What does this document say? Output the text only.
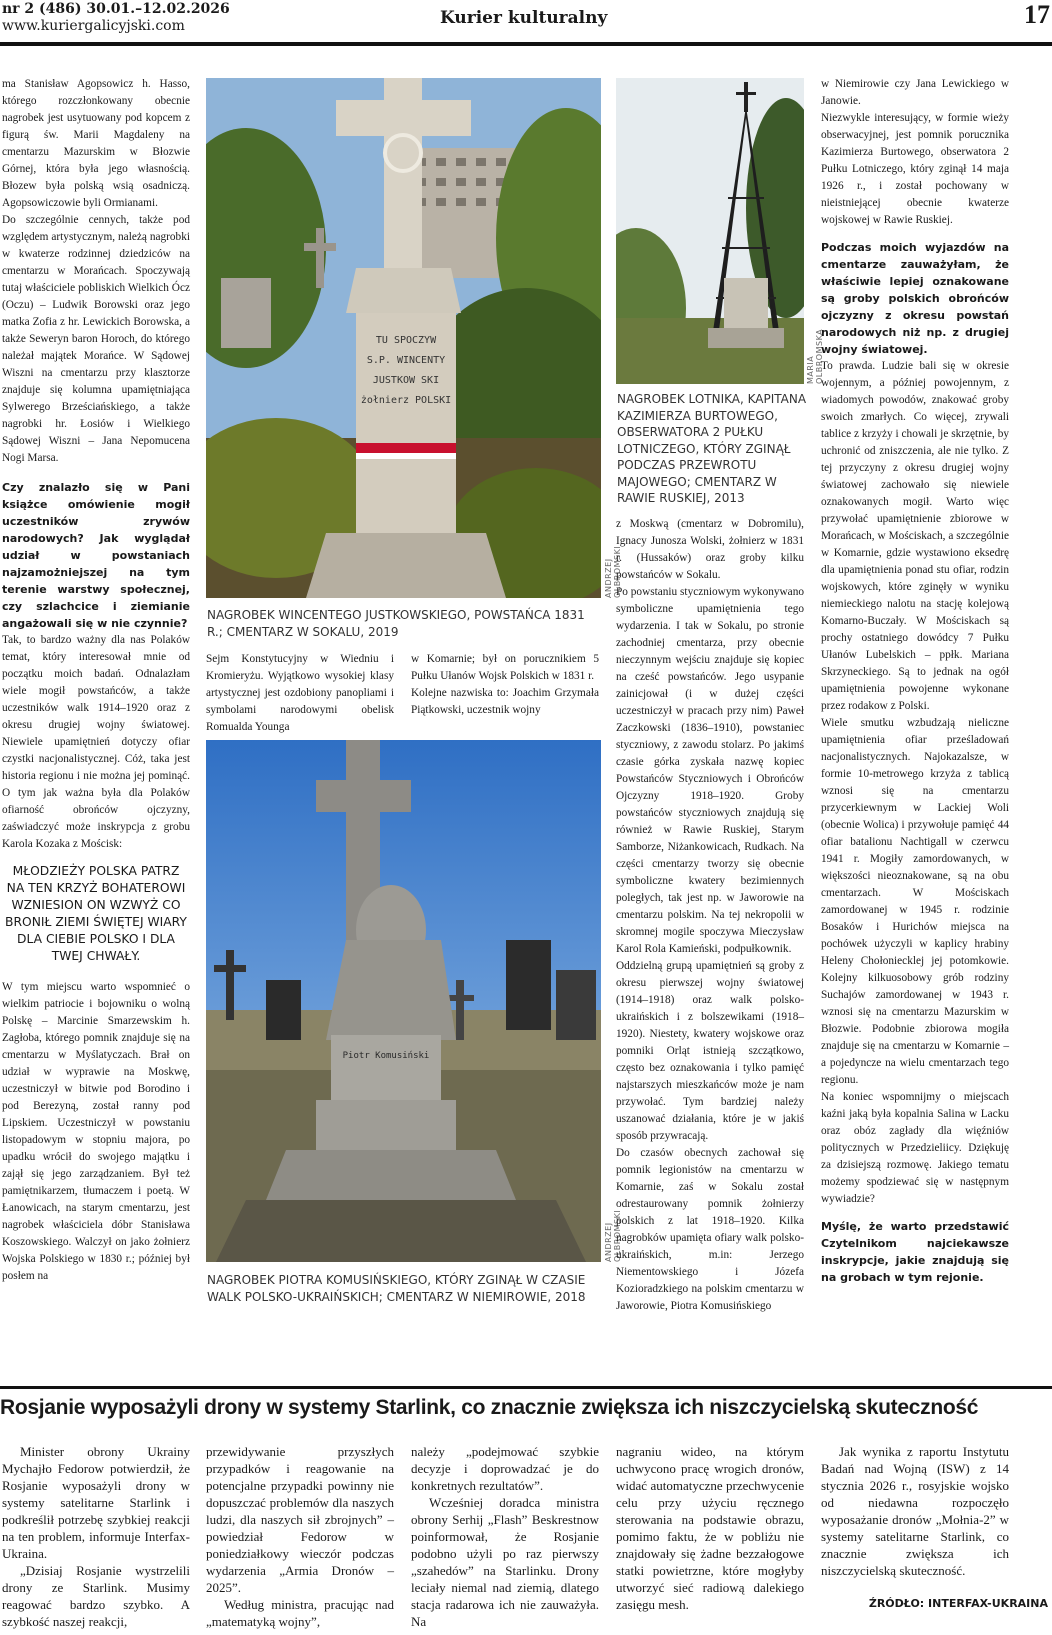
nr 2 (486) 30.01.–12.02.2026
www.kuriergalicyjski.com	Kurier kulturalny	17

ma Stanisław Agopsowicz h. Hasso, którego rozczłonkowany obecnie nagrobek jest usytuowany pod kopcem z figurą św. Marii Magdaleny na cmentarzu Mazurskim w Błozwie Górnej, która była jego własnością. Błozew była polską wsią osadniczą. Agopsowiczowie byli Ormianami.

Do szczególnie cennych, także pod względem artystycznym, należą nagrobki w kwaterze rodzinnej dziedziców na cmentarzu w Morańcach. Spoczywają tutaj właściciele pobliskich Wielkich Ócz (Oczu) – Ludwik Borowski oraz jego matka Zofia z hr. Lewickich Borowska, a także Seweryn baron Horoch, do którego należał majątek Morańce. W Sądowej Wiszni na cmentarzu przy klasztorze znajduje się kolumna upamiętniająca Sylwerego Brześciańskiego, a także nagrobki hr. Łosiów i Wielkiego Sądowej Wiszni – Jana Nepomucena Nogi Marsa.

Czy znalazło się w Pani książce omówienie mogił uczestników zrywów narodowych? Jak wyglądał udział w powstaniach najzamożniejszej na tym terenie warstwy społecznej, czy szlachcice i ziemianie angażowali się w nie czynnie?

Tak, to bardzo ważny dla nas Polaków temat, który interesował mnie od początku moich badań. Odnalazłam wiele mogił powstańców, a także uczestników walk 1914–1920 oraz z okresu drugiej wojny światowej. Niewiele upamiętnień dotyczy ofiar czystki nacjonalistycznej. Cóż, taka jest historia regionu i nie można jej pominąć. O tym jak ważna była dla Polaków ofiarność obrońców ojczyzny, zaświadczyć może inskrypcja z grobu Karola Kozaka z Mościsk:

MŁODZIEŻY POLSKA PATRZ NA TEN KRZYŻ BOHATEROWI WZNIESION ON WZWYŻ CO BRONIŁ ZIEMI ŚWIĘTEJ WIARY DLA CIEBIE POLSKO I DLA TWEJ CHWAŁY.

W tym miejscu warto wspomnieć o wielkim patriocie i bojowniku o wolną Polskę – Marcinie Smarzewskim h. Zagłoba, którego pomnik znajduje się na cmentarzu w Myślatyczach. Brał on udział w wyprawie na Moskwę, uczestniczył w bitwie pod Borodino i pod Berezyną, został ranny pod Lipskiem. Uczestniczył w powstaniu listopadowym w stopniu majora, po upadku wrócił do swojego majątku i zajął się jego zarządzaniem. Był też pamiętnikarzem, tłumaczem i poetą. W Łanowicach, na starym cmentarzu, jest nagrobek właściciela dóbr Stanisława Koszowskiego. Walczył on jako żołnierz Wojska Polskiego w 1830 r.; później był posłem na

TU SPOCZYW
S.P. WINCENTY
JUSTKOW SKI
żołnierz POLSKI
ANDRZEJ OLBROMSKI
NAGROBEK WINCENTEGO JUSTKOWSKIEGO, POWSTAŃCA 1831 R.; CMENTARZ W SOKALU, 2019

Sejm Konstytucyjny w Wiedniu i Kromieryżu. Wyjątkowo wysokiej klasy artystycznej jest ozdobiony panopliami i symbolami narodowymi obelisk Romualda Younga

w Komarnie; był on porucznikiem 5 Pułku Ułanów Wojsk Polskich w 1831 r.

Kolejne nazwiska to: Joachim Grzymała Piątkowski, uczestnik wojny

Piotr Komusiński
ANDRZEJ OLBROMSKI
NAGROBEK PIOTRA KOMUSIŃSKIEGO, KTÓRY ZGINĄŁ W CZASIE WALK POLSKO-UKRAIŃSKICH; CMENTARZ W NIEMIROWIE, 2018
MARIA OLBROMSKA
NAGROBEK LOTNIKA, KAPITANA KAZIMIERZA BURTOWEGO, OBSERWATORA 2 PUŁKU LOTNICZEGO, KTÓRY ZGINĄŁ PODCZAS PRZEWROTU MAJOWEGO; CMENTARZ W RAWIE RUSKIEJ, 2013

z Moskwą (cmentarz w Dobromilu), Ignacy Junosza Wolski, żołnierz w 1831 r. (Hussaków) oraz groby kilku powstańców w Sokalu.

Po powstaniu styczniowym wykonywano symboliczne upamiętnienia tego wydarzenia. I tak w Sokalu, po stronie zachodniej cmentarza, przy obecnie nieczynnym wejściu znajduje się kopiec na cześć powstańców. Jego usypanie zainicjował (i w dużej części uczestniczył w pracach przy nim) Paweł Zaczkowski (1836–1910), powstaniec styczniowy, z zawodu stolarz. Po jakimś czasie górka zyskała nazwę kopiec Powstańców Styczniowych i Obrońców Ojczyzny 1918–1920. Groby powstańców styczniowych znajdują się również w Rawie Ruskiej, Starym Samborze, Niżankowicach, Rudkach. Na części cmentarzy tworzy się obecnie symboliczne kwatery bezimiennych poległych, tak jest np. w Jaworowie na cmentarzu polskim. Na tej nekropolii w skromnej mogile spoczywa Mieczysław Karol Rola Kamieński, podpułkownik.

Oddzielną grupą upamiętnień są groby z okresu pierwszej wojny światowej (1914–1918) oraz walk polsko-ukraińskich i z bolszewikami (1918–1920). Niestety, kwatery wojskowe oraz pomniki Orląt istnieją szczątkowo, często bez oznakowania i tylko pamięć najstarszych mieszkańców może je nam przywołać. Tym bardziej należy uszanować działania, które je w jakiś sposób przywracają.

Do czasów obecnych zachował się pomnik legionistów na cmentarzu w Komarnie, zaś w Sokalu został odrestaurowany pomnik żołnierzy polskich z lat 1918–1920. Kilka nagrobków upamięta ofiary walk polsko-ukraińskich, m.in: Jerzego Niementowskiego i Józefa Kozioradzkiego na polskim cmentarzu w Jaworowie, Piotra Komusińskiego

w Niemirowie czy Jana Lewickiego w Janowie.

Niezwykle interesujący, w formie wieży obserwacyjnej, jest pomnik porucznika Kazimierza Burtowego, obserwatora 2 Pułku Lotniczego, który zginął 14 maja 1926 r., i został pochowany w nieistniejącej obecnie kwaterze wojskowej w Rawie Ruskiej.

Podczas moich wyjazdów na cmentarze zauważyłam, że właściwie lepiej oznakowane są groby polskich obrońców ojczyzny z okresu powstań narodowych niż np. z drugiej wojny światowej.

To prawda. Ludzie bali się w okresie wojennym, a później powojennym, z wiadomych powodów, znakować groby swoich zmarłych. Co więcej, zrywali tablice z krzyży i chowali je skrzętnie, by uchronić od zniszczenia, ale nie tylko. Z tej przyczyny z okresu drugiej wojny światowej zachowało się niewiele oznakowanych mogił. Warto więc przywołać upamiętnienie zbiorowe w Morańcach, w Mościskach, a szczególnie w Komarnie, gdzie wystawiono eksedrę dla upamiętnienia ponad stu ofiar, rodzin wojskowych, które zginęły w wyniku niemieckiego nalotu na stację kolejową Komarno-Buczały. W Mościskach są prochy ostatniego dowódcy 7 Pułku Ułanów Lubelskich – ppłk. Mariana Skrzyneckiego. Są to jednak na ogół upamiętnienia powojenne wykonane przez rodakow z Polski.

Wiele smutku wzbudzają nieliczne upamiętnienia ofiar prześladowań nacjonalistycznych. Najokazalsze, w formie 10-metrowego krzyża z tablicą wznosi się na cmentarzu przycerkiewnym w Lackiej Woli (obecnie Wolica) i przywołuje pamięć 44 ofiar batalionu Nachtigall w czerwcu 1941 r. Mogiły zamordowanych, w większości nieoznakowane, są na obu cmentarzach. W Mościskach zamordowanej w 1945 r. rodzinie Bosaków i Hurichów miejsca na pochówek użyczyli w kaplicy hrabiny Heleny Chołoniecklej jej potomkowie. Kolejny kilkuosobowy grób rodziny Suchajów zamordowanej w 1943 r. wznosi się na cmentarzu Mazurskim w Błozwie. Podobnie zbiorowa mogiła znajduje się na cmentarzu w Komarnie – a pojedyncze na wielu cmentarzach tego regionu.

Na koniec wspomnijmy o miejscach kaźni jaką była kopalnia Salina w Lacku oraz obóz zagłady dla więźniów politycznych w Przedzieliicy. Dziękuję za dzisiejszą rozmowę. Jakiego tematu możemy spodziewać się w następnym wywiadzie?

Myślę, że warto przedstawić Czytelnikom najciekawsze inskrypcje, jakie znajdują się na grobach w tym rejonie.

Rosjanie wyposażyli drony w systemy Starlink, co znacznie zwiększa ich niszczycielską skuteczność

Minister obrony Ukrainy Mychajło Fedorow potwierdził, że Rosjanie wyposażyli drony w systemy satelitarne Starlink i podkreślił potrzebę szybkiej reakcji na ten problem, informuje Interfax-Ukraina.

„Dzisiaj Rosjanie wystrzelili drony ze Starlink. Musimy reagować bardzo szybko. A szybkość naszej reakcji,

przewidywanie przyszłych przypadków i reagowanie na potencjalne przypadki powinny nie dopuszczać problemów dla naszych ludzi, dla naszych sił zbrojnych” – powiedział Fedorow w poniedziałkowy wieczór podczas wydarzenia „Armia Dronów – 2025”.

Według ministra, pracując nad „matematyką wojny”,

należy „podejmować szybkie decyzje i doprowadzać je do konkretnych rezultatów”.

Wcześniej doradca ministra obrony Serhij „Flash” Beskrestnow poinformował, że Rosjanie podobno użyli po raz pierwszy „szahedów” na Starlinku. Drony leciały niemal nad ziemią, dlatego stacja radarowa ich nie zauważyła. Na

nagraniu wideo, na którym uchwycono pracę wrogich dronów, widać automatyczne przechwycenie celu przy użyciu ręcznego sterowania na podstawie obrazu, pomimo faktu, że w pobliżu nie znajdowały się żadne bezzałogowe statki powietrzne, które mogłyby utworzyć sieć radiową dalekiego zasięgu mesh.

Jak wynika z raportu Instytutu Badań nad Wojną (ISW) z 14 stycznia 2026 r., rosyjskie wojsko od niedawna rozpoczęło wyposażanie dronów „Mołnia-2” w systemy satelitarne Starlink, co znacznie zwiększa ich niszczycielską skuteczność.

ŹRÓDŁO: INTERFAX-UKRAINA
